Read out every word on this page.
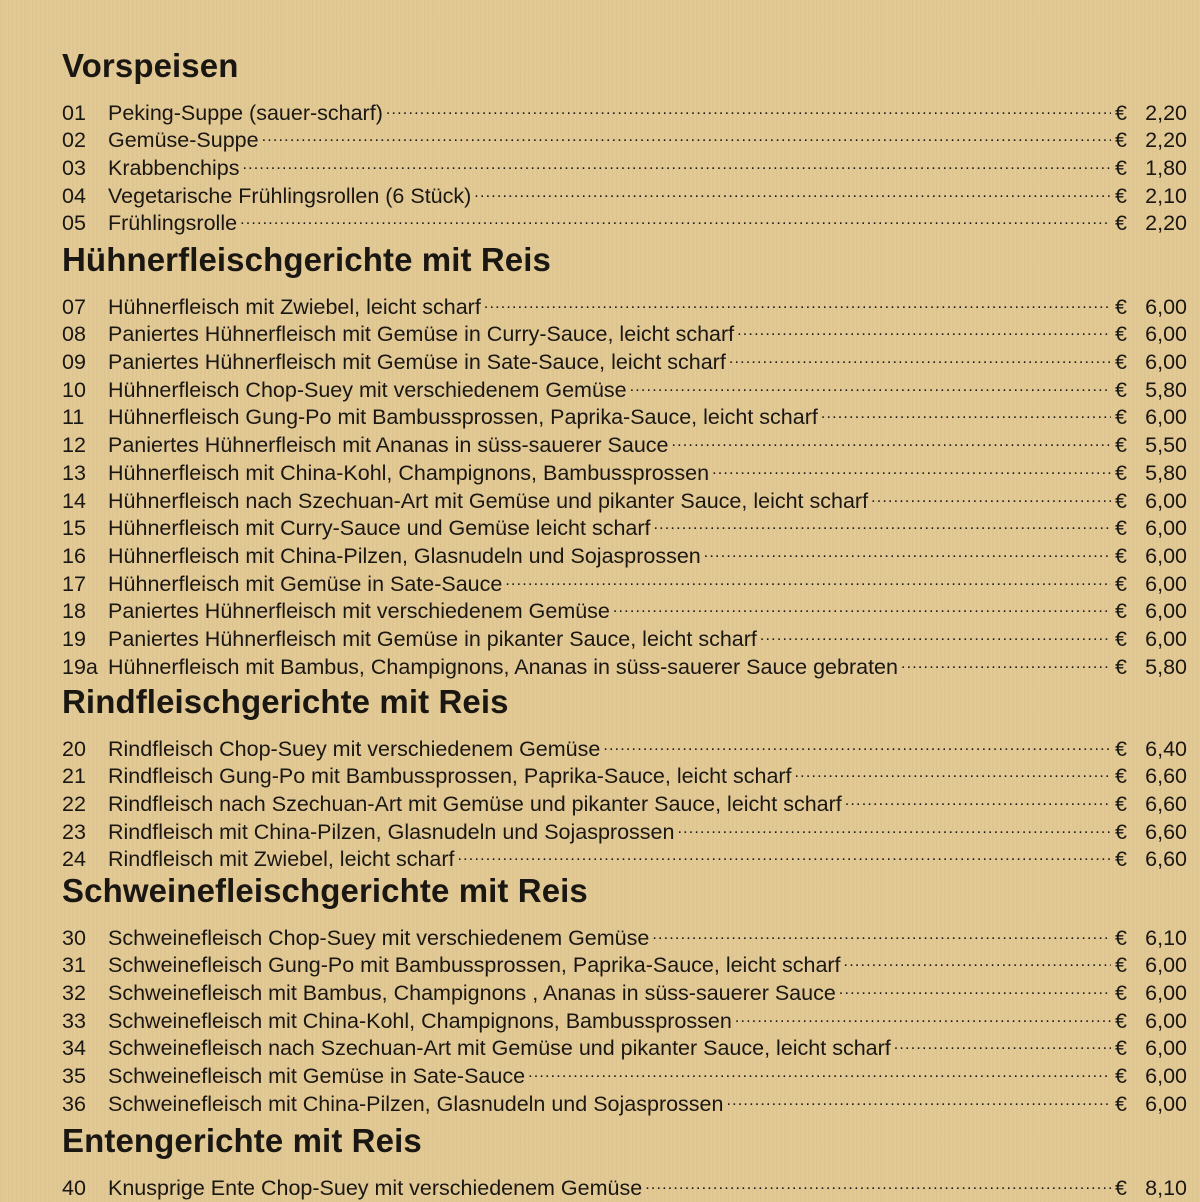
Vorspeisen
01	Peking-Suppe (sauer-scharf) .....	€ 2,20
02	Gemüse-Suppe .....	€ 2,20
03	Krabbenchips .....	€ 1,80
04	Vegetarische Frühlingsrollen (6 Stück) .....	€ 2,10
05	Frühlingsrolle .....	€ 2,20
Hühnerfleischgerichte mit Reis
07	Hühnerfleisch mit Zwiebel, leicht scharf .....	€ 6,00
08	Paniertes Hühnerfleisch mit Gemüse in Curry-Sauce, leicht scharf .....	€ 6,00
09	Paniertes Hühnerfleisch mit Gemüse in Sate-Sauce, leicht scharf .....	€ 6,00
10	Hühnerfleisch Chop-Suey mit verschiedenem Gemüse .....	€ 5,80
11	Hühnerfleisch Gung-Po mit Bambussprossen, Paprika-Sauce, leicht scharf .....	€ 6,00
12	Paniertes Hühnerfleisch mit Ananas in süss-sauerer Sauce .....	€ 5,50
13	Hühnerfleisch mit China-Kohl, Champignons, Bambussprossen .....	€ 5,80
14	Hühnerfleisch nach Szechuan-Art mit Gemüse und pikanter Sauce, leicht scharf .....	€ 6,00
15	Hühnerfleisch mit Curry-Sauce und Gemüse leicht scharf .....	€ 6,00
16	Hühnerfleisch mit China-Pilzen, Glasnudeln und Sojasprossen .....	€ 6,00
17	Hühnerfleisch mit Gemüse in Sate-Sauce .....	€ 6,00
18	Paniertes Hühnerfleisch mit verschiedenem Gemüse .....	€ 6,00
19	Paniertes Hühnerfleisch mit Gemüse in pikanter Sauce, leicht scharf .....	€ 6,00
19a Hühnerfleisch mit Bambus, Champignons, Ananas in süss-sauerer Sauce gebraten .....	€ 5,80
Rindfleischgerichte mit Reis
20	Rindfleisch Chop-Suey mit verschiedenem Gemüse .....	€ 6,40
21	Rindfleisch Gung-Po mit Bambussprossen, Paprika-Sauce, leicht scharf .....	€ 6,60
22	Rindfleisch nach Szechuan-Art mit Gemüse und pikanter Sauce, leicht scharf .....	€ 6,60
23	Rindfleisch mit China-Pilzen, Glasnudeln und Sojasprossen .....	€ 6,60
24	Rindfleisch mit Zwiebel, leicht scharf .....	€ 6,60
Schweinefleischgerichte mit Reis
30	Schweinefleisch Chop-Suey mit verschiedenem Gemüse .....	€ 6,10
31	Schweinefleisch Gung-Po mit Bambussprossen, Paprika-Sauce, leicht scharf .....	€ 6,00
32	Schweinefleisch mit Bambus, Champignons , Ananas in süss-sauerer Sauce .....	€ 6,00
33	Schweinefleisch mit China-Kohl, Champignons, Bambussprossen .....	€ 6,00
34	Schweinefleisch nach Szechuan-Art mit Gemüse und pikanter Sauce, leicht scharf .....	€ 6,00
35	Schweinefleisch mit Gemüse in Sate-Sauce .....	€ 6,00
36	Schweinefleisch mit China-Pilzen, Glasnudeln und Sojasprossen .....	€ 6,00
Entengerichte mit Reis
40	Knusprige Ente Chop-Suey mit verschiedenem Gemüse .....	€ 8,10
